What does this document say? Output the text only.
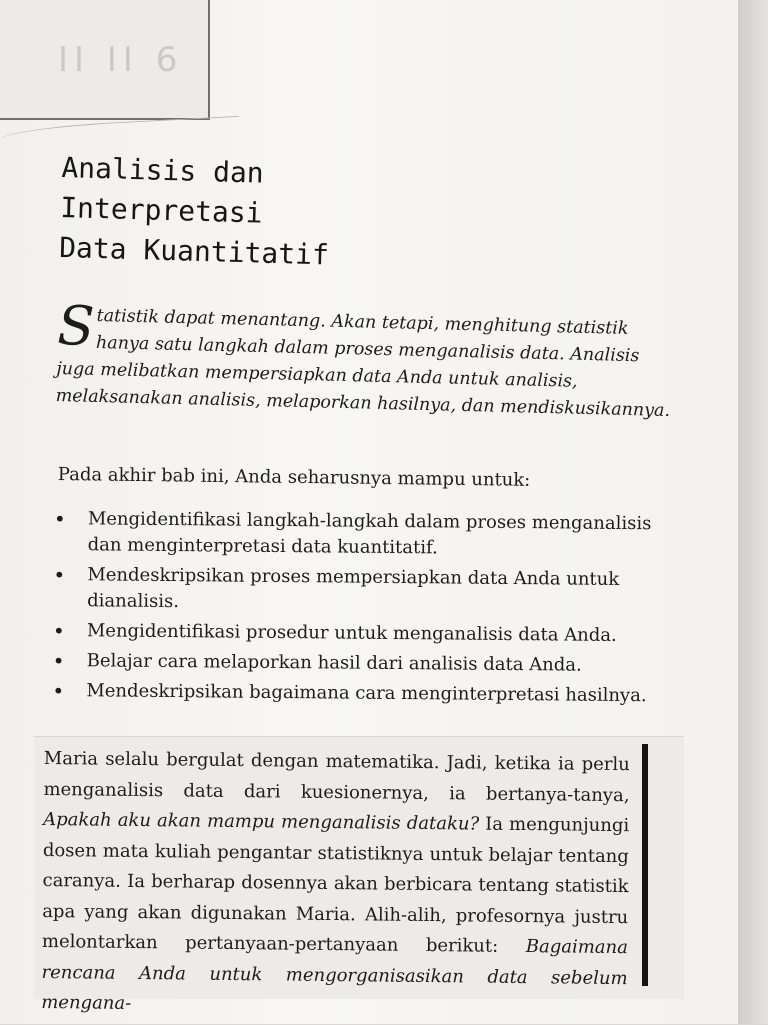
II II 6
Analisis dan Interpretasi
Data Kuantitatif
Statistik dapat menantang. Akan tetapi, menghitung statistik hanya satu langkah dalam proses menganalisis data. Analisis juga melibatkan mempersiapkan data Anda untuk analisis, melaksanakan analisis, melaporkan hasilnya, dan mendiskusikannya.
Pada akhir bab ini, Anda seharusnya mampu untuk:
• Mengidentifikasi langkah-langkah dalam proses menganalisis dan menginterpretasi data kuantitatif.
• Mendeskripsikan proses mempersiapkan data Anda untuk dianalisis.
• Mengidentifikasi prosedur untuk menganalisis data Anda.
• Belajar cara melaporkan hasil dari analisis data Anda.
• Mendeskripsikan bagaimana cara menginterpretasi hasilnya.
Maria selalu bergulat dengan matematika. Jadi, ketika ia perlu menganalisis data dari kuesionernya, ia bertanya-tanya, Apakah aku akan mampu menganalisis dataku? Ia mengunjungi dosen mata kuliah pengantar statistiknya untuk belajar tentang caranya. Ia berharap dosennya akan berbicara tentang statistik apa yang akan digunakan Maria. Alih-alih, profesornya justru melontarkan pertanyaan-pertanyaan berikut: Bagaimana rencana Anda untuk mengorganisasikan data sebelum mengana-
